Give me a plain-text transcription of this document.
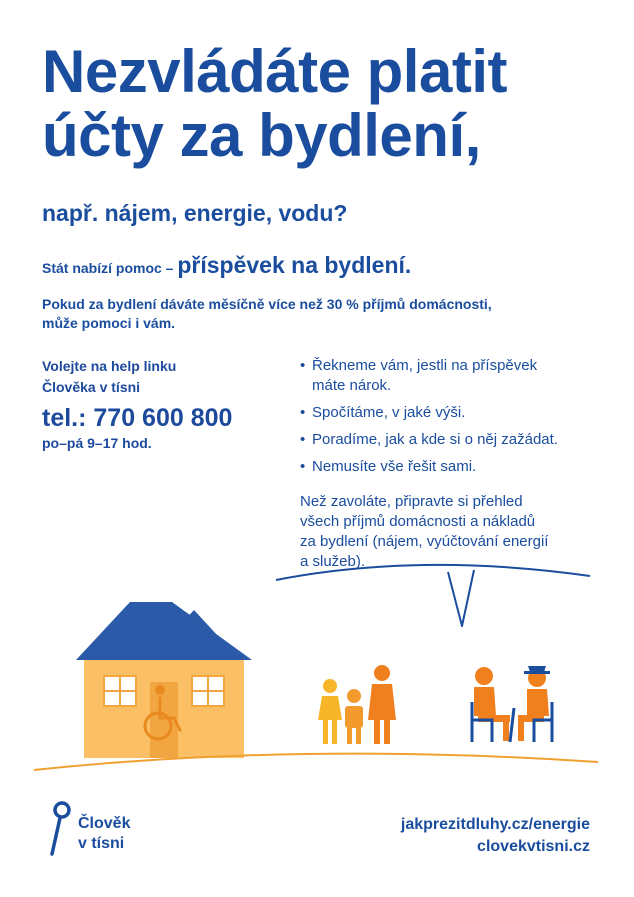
Nezvládáte platit
účty za bydlení,
např. nájem, energie, vodu?
Stát nabízí pomoc – příspěvek na bydlení.
Pokud za bydlení dáváte měsíčně více než 30 % příjmů domácnosti,
může pomoci i vám.
Volejte na help linku
Člověka v tísni
tel.: 770 600 800
po–pá 9–17 hod.
• Řekneme vám, jestli na příspěvek
máte nárok.
• Spočítáme, v jaké výši.
• Poradíme, jak a kde si o něj zažádat.
• Nemusíte vše řešit sami.
Než zavoláte, připravte si přehled
všech příjmů domácnosti a nákladů
za bydlení (nájem, vyúčtování energií
a služeb).
Člověk
v tísni
jakprezitdluhy.cz/energie
clovekvtisni.cz
